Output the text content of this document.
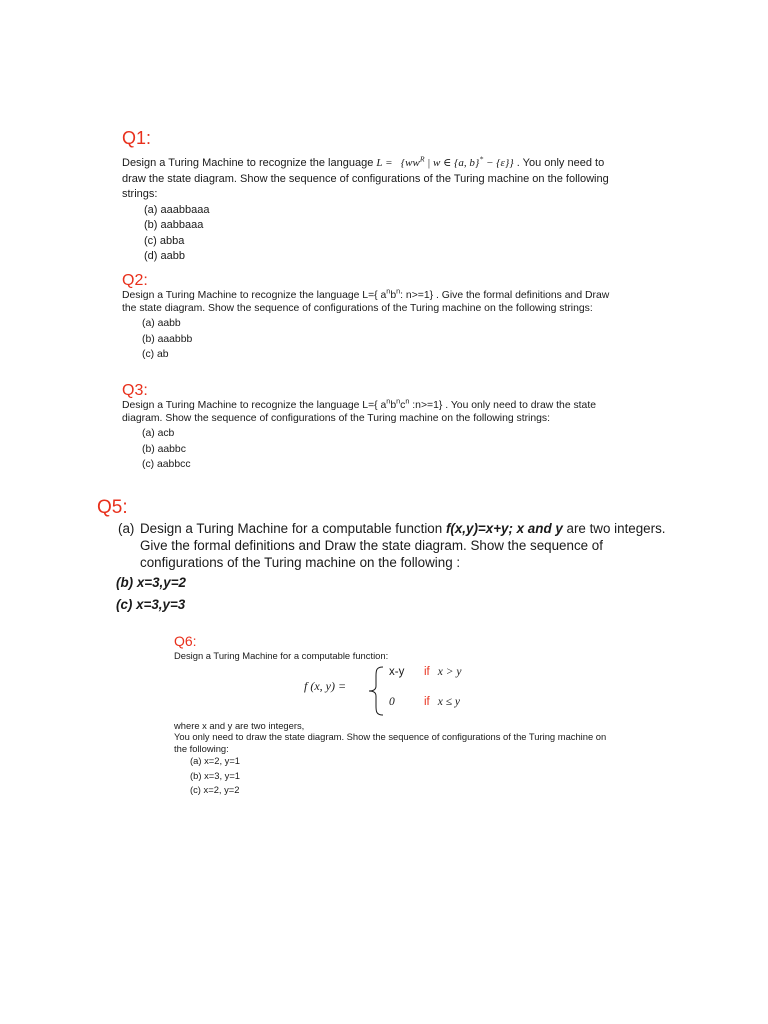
Q1:

Design a Turing Machine to recognize the language $L = \{ww^R$ | w ∈ {a, b}* − {ε}} . You only need to draw the state diagram. Show the sequence of configurations of the Turing machine on the following strings:

(a) aaabbaaa
(b) aabbaaa
(c) abba
(d) aabb
Q2:

Design a Turing Machine to recognize the language L={ $a^nb^n$: n>=1} . Give the formal definitions and Draw the state diagram. Show the sequence of configurations of the Turing machine on the following strings:

(a) aabb
(b) aaabbb
(c) ab
Q3:

Design a Turing Machine to recognize the language L={ $a^nb^nc^n$ :n>=1} . You only need to draw the state diagram. Show the sequence of configurations of the Turing machine on the following strings:

(a) acb
(b) aabbc
(c) aabbcc
Q5:
(a) Design a Turing Machine for a computable function f(x,y)=x+y; x and y are two integers. Give the formal definitions and Draw the state diagram. Show the sequence of configurations of the Turing machine on the following :
(b) x=3,y=2
(c) x=3,y=3
Q6:

Design a Turing Machine for a computable function:

f (x, y) =
x-y if x > y
0	if x ≤ y

where x and y are two integers,

You only need to draw the state diagram. Show the sequence of configurations of the Turing machine on the following:

(a) x=2, y=1
(b) x=3, y=1
(c) x=2, y=2
